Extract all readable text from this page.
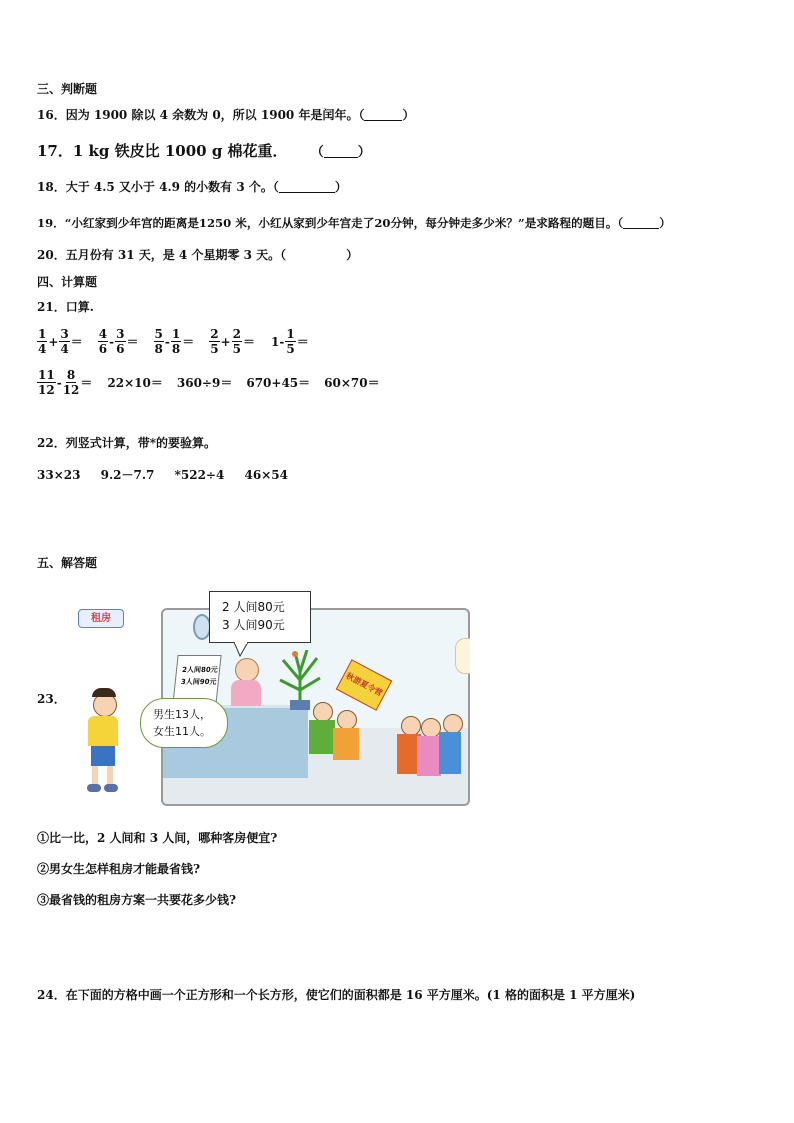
三、判断题
16．因为 1900 除以 4 余数为 0，所以 1900 年是闰年。（	）
17．1 kg 铁皮比 1000 g 棉花重． （	）
18．大于 4.5 又小于 4.9 的小数有 3 个。（	）
19．“小红家到少年宫的距离是1250 米，小红从家到少年宫走了20分钟，每分钟走多少米？”是求路程的题目。（	）
20．五月份有 31 天，是 4 个星期零 3 天。（	）
四、计算题
21．口算.
$\frac{1}{4} + \frac{3}{4} = \frac{4}{6} - \frac{3}{6} = \frac{5}{8} - \frac{1}{8} = \frac{2}{5} + \frac{2}{5} = 1- \frac{1}{5}$ ＝
$\frac{11}{12} - \frac{8}{12} = 22\times 10= 360\div 9= 670+45= 60\times 70=$
22．列竖式计算，带*的要验算。
33×23 9.2－7.7 *522÷4 46×54
五、解答题
23．
租房
2人间80元
3人间90元	秋游夏令营
2 人间80元
3 人间90元
男生13人，
女生11人。
①比一比，2 人间和 3 人间，哪种客房便宜?
②男女生怎样租房才能最省钱?
③最省钱的租房方案一共要花多少钱?
24．在下面的方格中画一个正方形和一个长方形，使它们的面积都是 16 平方厘米。(1 格的面积是 1 平方厘米)
